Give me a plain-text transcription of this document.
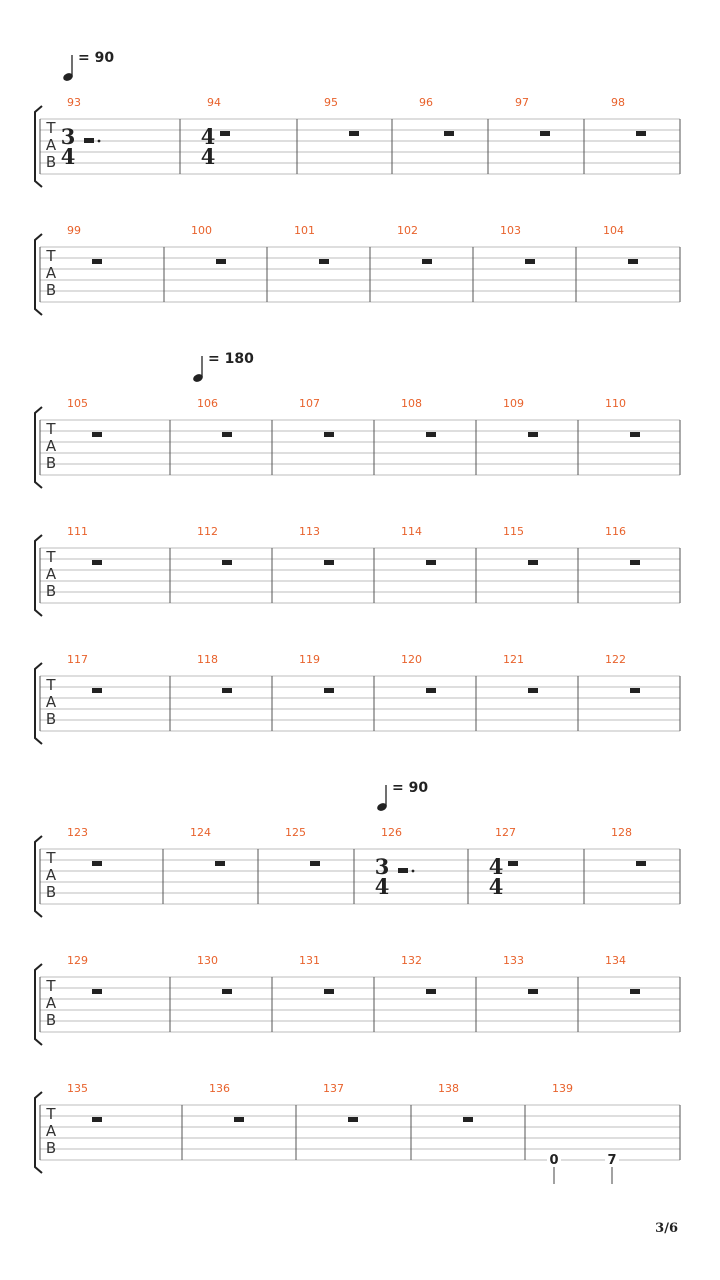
T
A
B
93
3
4
94
4
4
95	96	97	98
= 90
T
A
B
99	100	101	102	103	104
T
A
B
105	106	107	108	109	110
= 180
T
A
B
111	112	113	114	115	116
T
A
B
117	118	119	120	121	122
T
A
B
123	124	125	126
3
4
127
4
4
128
= 90
T
A
B
129	130	131	132	133	134
T
A
B
135	136	137	138	139
0	7
3/6
